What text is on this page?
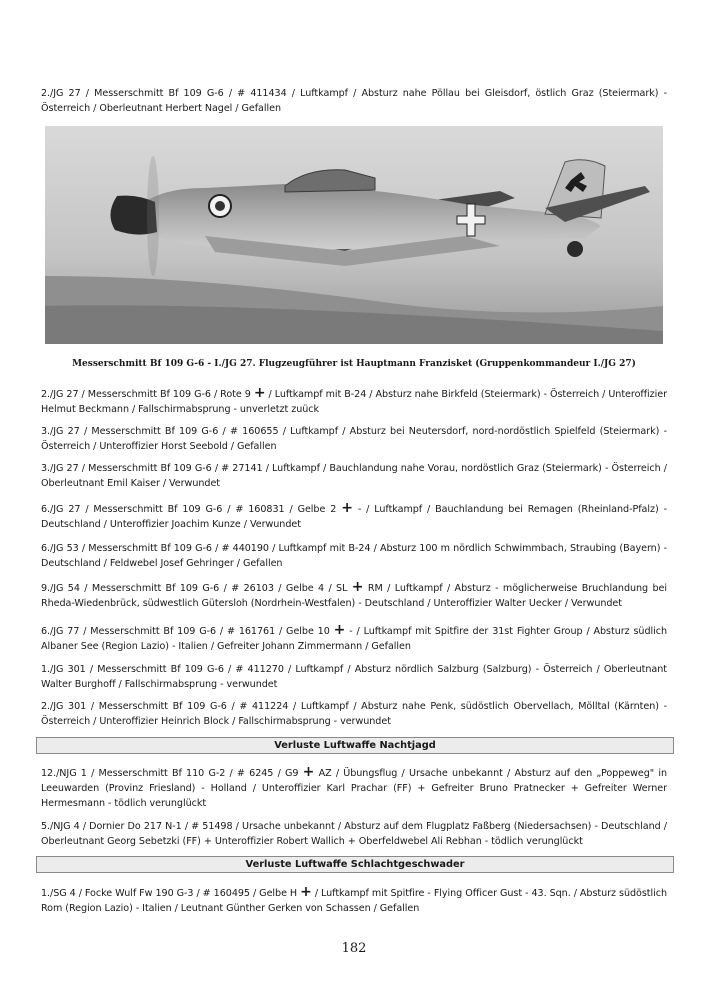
2./JG 27 / Messerschmitt Bf 109 G-6 / # 411434 / Luftkampf / Absturz nahe Pöllau bei Gleisdorf, östlich Graz (Steiermark) - Österreich / Oberleutnant Herbert Nagel / Gefallen

Messerschmitt Bf 109 G-6 - I./JG 27. Flugzeugführer ist Hauptmann Franzisket (Gruppenkommandeur I./JG 27)

2./JG 27 / Messerschmitt Bf 109 G-6 / Rote 9 + / Luftkampf mit B-24 / Absturz nahe Birkfeld (Steiermark) - Österreich / Unteroffizier Helmut Beckmann / Fallschirmabsprung - unverletzt zuück

3./JG 27 / Messerschmitt Bf 109 G-6 / # 160655 / Luftkampf / Absturz bei Neutersdorf, nord-nordöstlich Spielfeld (Steiermark) - Österreich / Unteroffizier Horst Seebold / Gefallen

3./JG 27 / Messerschmitt Bf 109 G-6 / # 27141 / Luftkampf / Bauchlandung nahe Vorau, nordöstlich Graz (Steiermark) - Österreich / Oberleutnant Emil Kaiser / Verwundet

6./JG 27 / Messerschmitt Bf 109 G-6 / # 160831 / Gelbe 2 + - / Luftkampf / Bauchlandung bei Remagen (Rheinland-Pfalz) - Deutschland / Unteroffizier Joachim Kunze / Verwundet

6./JG 53 / Messerschmitt Bf 109 G-6 / # 440190 / Luftkampf mit B-24 / Absturz 100 m nördlich Schwimmbach, Straubing (Bayern) - Deutschland / Feldwebel Josef Gehringer / Gefallen

9./JG 54 / Messerschmitt Bf 109 G-6 / # 26103 / Gelbe 4 / SL + RM / Luftkampf / Absturz - möglicherweise Bruchlandung bei Rheda-Wiedenbrück, südwestlich Gütersloh (Nordrhein-Westfalen) - Deutschland / Unteroffizier Walter Uecker / Verwundet

6./JG 77 / Messerschmitt Bf 109 G-6 / # 161761 / Gelbe 10 + - / Luftkampf mit Spitfire der 31st Fighter Group / Absturz südlich Albaner See (Region Lazio) - Italien / Gefreiter Johann Zimmermann / Gefallen

1./JG 301 / Messerschmitt Bf 109 G-6 / # 411270 / Luftkampf / Absturz nördlich Salzburg (Salzburg) - Österreich / Oberleutnant Walter Burghoff / Fallschirmabsprung - verwundet

2./JG 301 / Messerschmitt Bf 109 G-6 / # 411224 / Luftkampf / Absturz nahe Penk, südöstlich Obervellach, Mölltal (Kärnten) - Österreich / Unteroffizier Heinrich Block / Fallschirmabsprung - verwundet

Verluste Luftwaffe Nachtjagd

12./NJG 1 / Messerschmitt Bf 110 G-2 / # 6245 / G9 + AZ / Übungsflug / Ursache unbekannt / Absturz auf den „Poppeweg" in Leeuwarden (Provinz Friesland) - Holland / Unteroffizier Karl Prachar (FF) + Gefreiter Bruno Pratnecker + Gefreiter Werner Hermesmann - tödlich verunglückt

5./NJG 4 / Dornier Do 217 N-1 / # 51498 / Ursache unbekannt / Absturz auf dem Flugplatz Faßberg (Niedersachsen) - Deutschland / Oberleutnant Georg Sebetzki (FF) + Unteroffizier Robert Wallich + Oberfeldwebel Ali Rebhan - tödlich verunglückt

Verluste Luftwaffe Schlachtgeschwader

1./SG 4 / Focke Wulf Fw 190 G-3 / # 160495 / Gelbe H + / Luftkampf mit Spitfire - Flying Officer Gust - 43. Sqn. / Absturz südöstlich Rom (Region Lazio) - Italien / Leutnant Günther Gerken von Schassen / Gefallen

182
